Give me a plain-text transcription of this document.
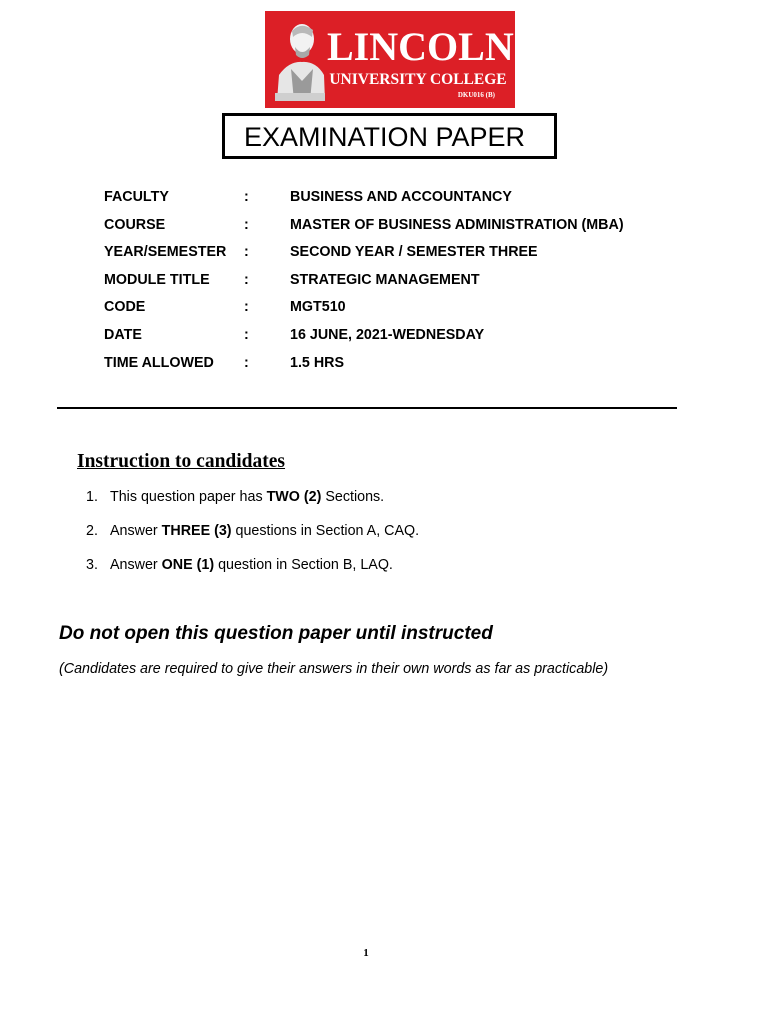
LINCOLN
UNIVERSITY COLLEGE
DKU016 (B)
EXAMINATION PAPER
FACULTY	:	BUSINESS AND ACCOUNTANCY
COURSE	:	MASTER OF BUSINESS ADMINISTRATION (MBA)
YEAR/SEMESTER :	SECOND YEAR / SEMESTER THREE
MODULE TITLE :	STRATEGIC MANAGEMENT
CODE	:	MGT510
DATE	:	16 JUNE, 2021-WEDNESDAY
TIME ALLOWED :	1.5 HRS
Instruction to candidates
1. This question paper has TWO (2) Sections.
2. Answer THREE (3) questions in Section A, CAQ.
3. Answer ONE (1) question in Section B, LAQ.
Do not open this question paper until instructed
(Candidates are required to give their answers in their own words as far as practicable)
1
